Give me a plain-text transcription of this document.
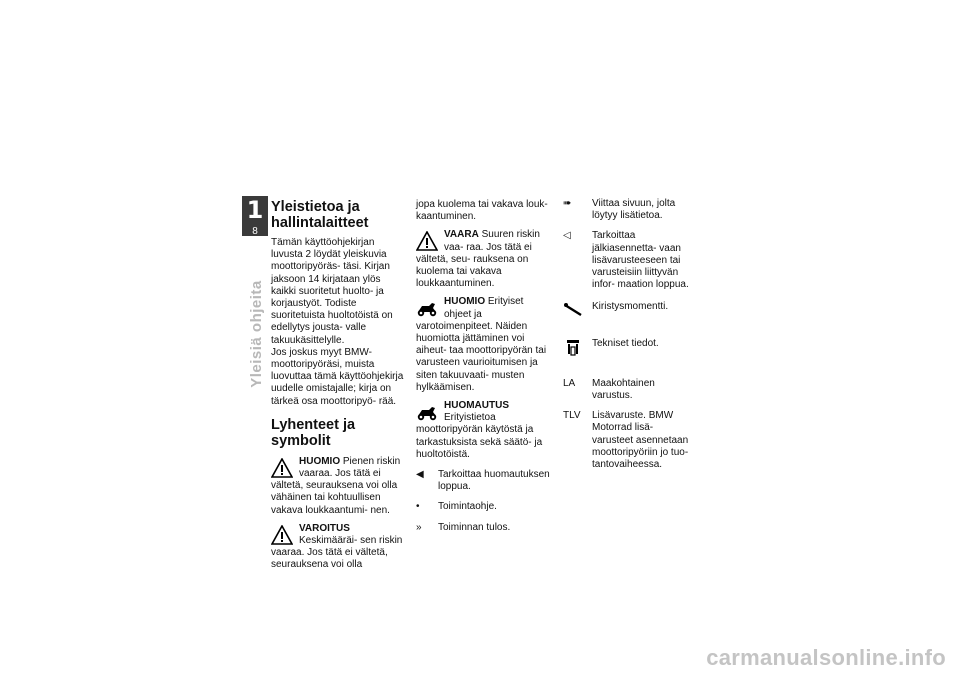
1
8
Yleisiä ohjeita
Yleistietoa ja hallintalaitteet

Tämän käyttöohjekirjan luvusta 2 löydät yleiskuvia moottoripyöräs- täsi. Kirjan jaksoon 14 kirjataan ylös kaikki suoritetut huolto- ja korjaustyöt. Todiste suoritetuista huoltotöistä on edellytys jousta- valle takuukäsittelylle.

Jos joskus myyt BMW-moottoripyöräsi, muista luovuttaa tämä käyttöohjekirja uudelle omistajalle; kirja on tärkeä osa moottoripyö- rää.

Lyhenteet ja symbolit
HUOMIO Pienen riskin vaaraa. Jos tätä ei vältetä, seurauksena voi olla vähäinen tai kohtuullisen vakava loukkaantumi- nen.
VAROITUS Keskimääräi- sen riskin vaaraa. Jos tätä ei vältetä, seurauksena voi olla

jopa kuolema tai vakava louk- kaantuminen.

VAARA Suuren riskin vaa- raa. Jos tätä ei vältetä, seu- rauksena on kuolema tai vakava loukkaantuminen.
HUOMIO Erityiset ohjeet ja varotoimenpiteet. Näiden huomiotta jättäminen voi aiheut- taa moottoripyörän tai varusteen vaurioitumisen ja siten takuuvaati- musten hylkäämisen.
HUOMAUTUS Erityistietoa moottoripyörän käytöstä ja tarkastuksista sekä säätö- ja huoltotöistä.
◀	Tarkoittaa huomautuksen loppua.
•	Toimintaohje.
»	Toiminnan tulos.
➠	Viittaa sivuun, jolta löytyy lisätietoa.
◁	Tarkoittaa jälkiasennetta- vaan lisävarusteeseen tai varusteisiin liittyvän infor- maation loppua.
Kiristysmomentti.
Tekniset tiedot.
LA	Maakohtainen varustus.
TLV	Lisävaruste. BMW Motorrad lisä- varusteet asennetaan moottoripyöriin jo tuo- tantovaiheessa.
carmanualsonline.info
